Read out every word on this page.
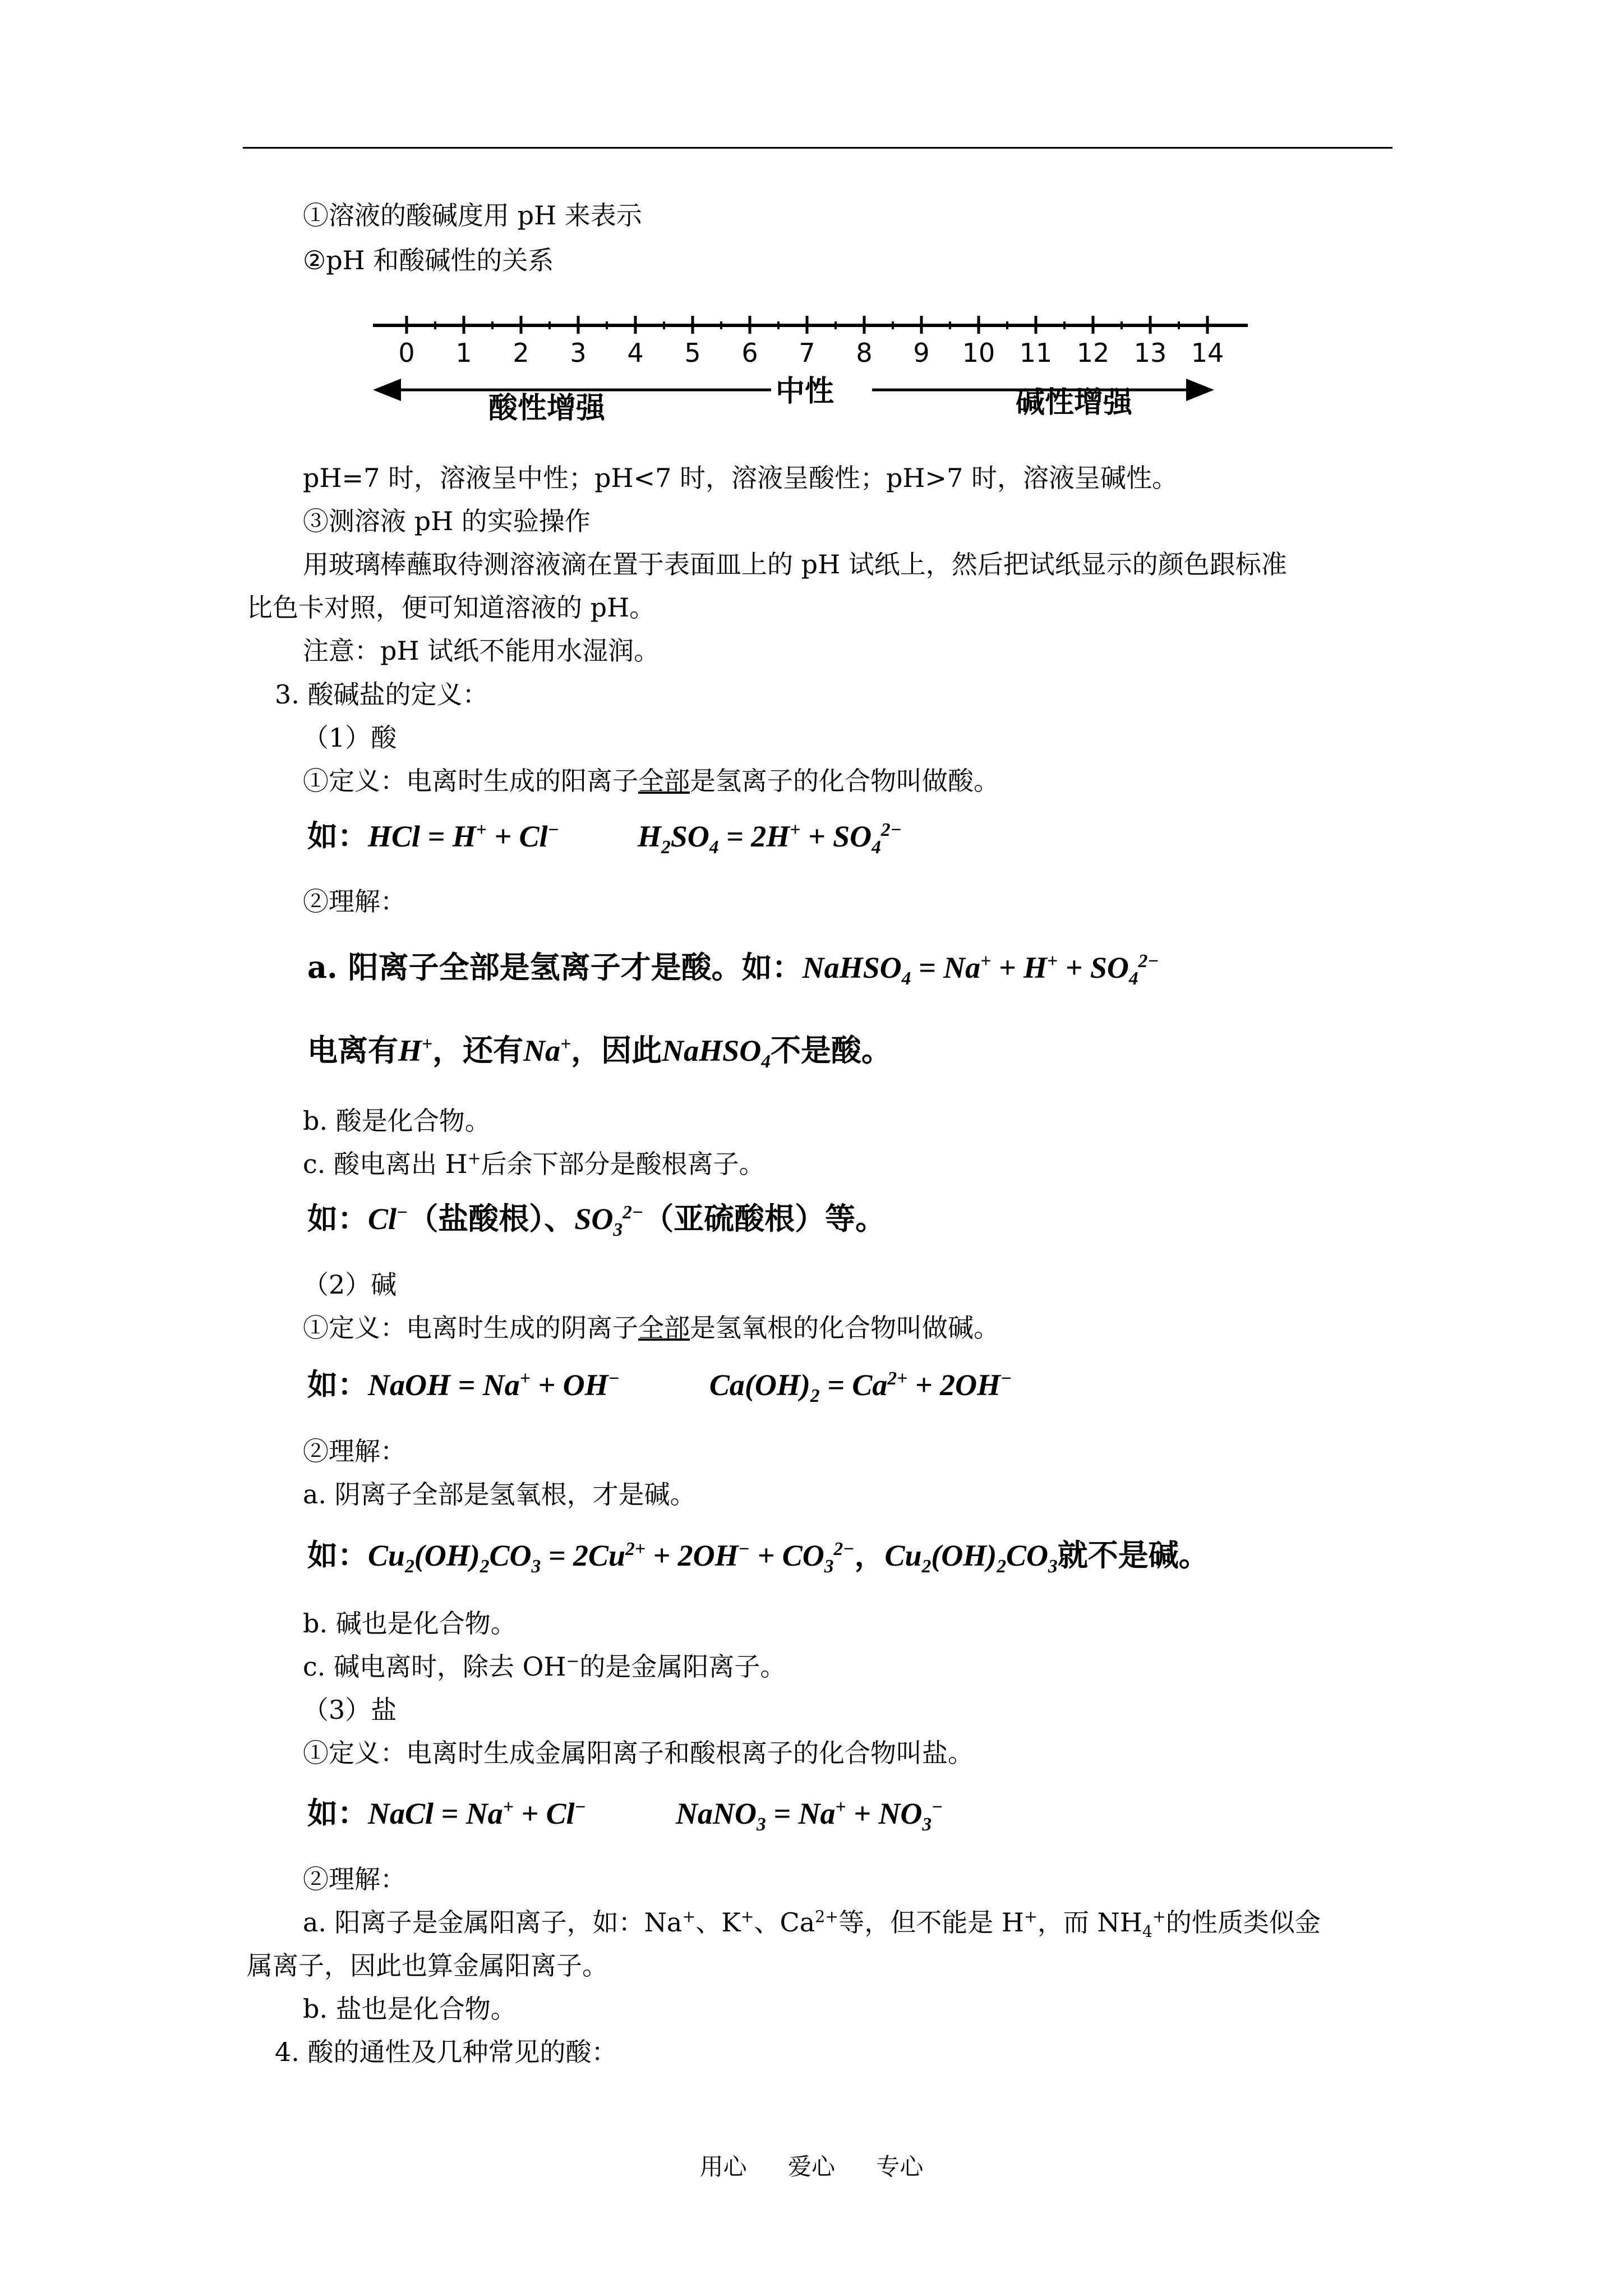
①溶液的酸碱度用 pH 来表示
②pH 和酸碱性的关系
0 1 2 3 4 5 6 7 8 9 10 11 12 13 14
酸性增强	中性	碱性增强
pH=7 时，溶液呈中性；pH<7 时，溶液呈酸性；pH>7 时，溶液呈碱性。
③测溶液 pH 的实验操作
用玻璃棒蘸取待测溶液滴在置于表面皿上的 pH 试纸上，然后把试纸显示的颜色跟标准
比色卡对照，便可知道溶液的 pH。
注意：pH 试纸不能用水湿润。
3. 酸碱盐的定义：
（1）酸
①定义：电离时生成的阳离子全部是氢离子的化合物叫做酸。
如：HCl = H+ + Cl−	$H_2SO_4 = 2H^+ + SO_4^{2-}$
②理解：
a. 阳离子全部是氢离子才是酸。如：NaHSO$_4$ = $Na^+ + H^+ + SO_4^{2-}$
电离有H+，还有Na+，因此NaHSO$_4$不是酸。
b. 酸是化合物。
c. 酸电离出 H+后余下部分是酸根离子。
如：Cl−（盐酸根）、$SO_3^{2-}$（亚硫酸根）等。
（2）碱
①定义：电离时生成的阴离子全部是氢氧根的化合物叫做碱。
如：NaOH = Na+ + OH−	$Ca(OH)_2 = Ca^{2+} + 2OH^-$
②理解：
a. 阴离子全部是氢氧根，才是碱。
如：$Cu_2(OH)_2CO_3 = 2Cu^{2+} + 2OH^- + CO_3^{2-}$，$Cu_2(OH)_2CO_3$就不是碱。
b. 碱也是化合物。
c. 碱电离时，除去 OH−的是金属阳离子。
（3）盐
①定义：电离时生成金属阳离子和酸根离子的化合物叫盐。
如：NaCl = Na+ + Cl−	NaNO$_3$ = $Na^+ + NO_3^-$
②理解：
a. 阳离子是金属阳离子，如：Na+、K+、$Ca^{2+}$等，但不能是 H+，而 $NH_4^+$的性质类似金
属离子，因此也算金属阳离子。
b. 盐也是化合物。
4. 酸的通性及几种常见的酸：
用心 爱心 专心
